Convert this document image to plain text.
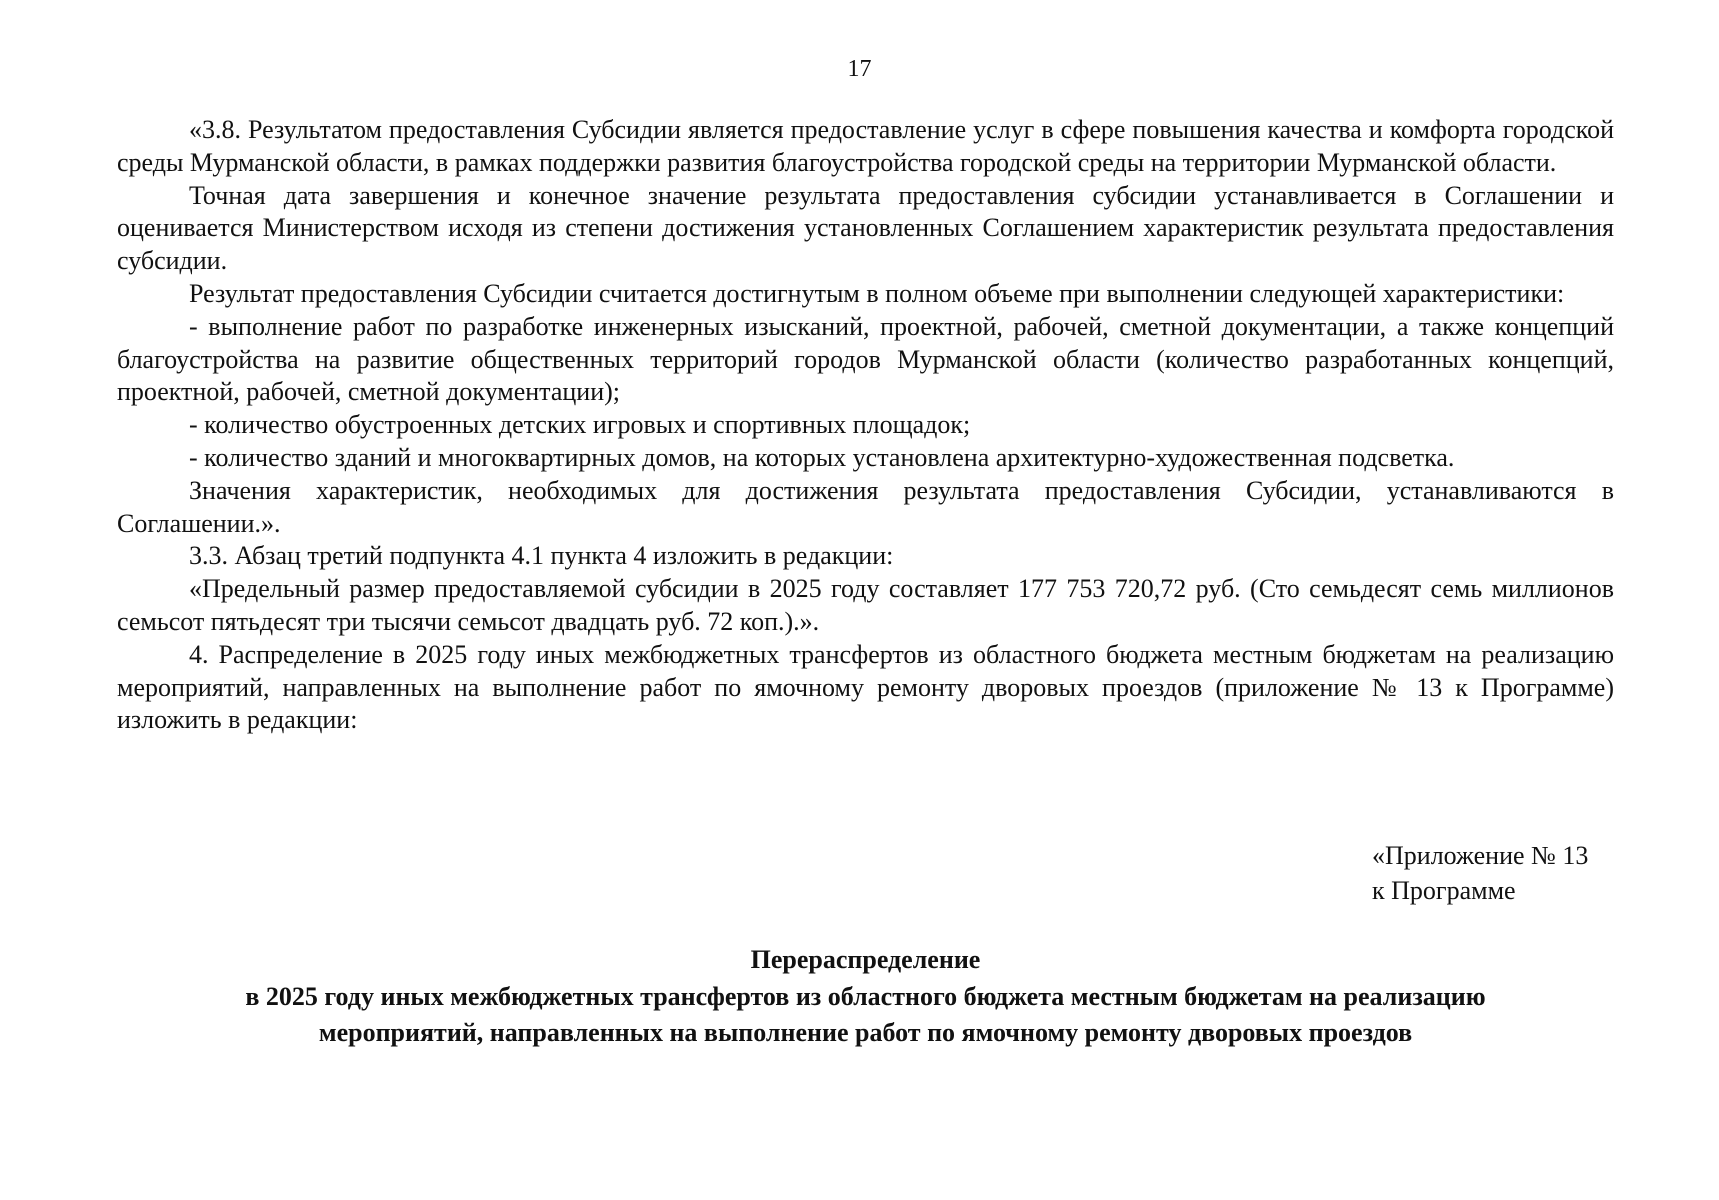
17

«3.8. Результатом предоставления Субсидии является предоставление услуг в сфере повышения качества и комфорта городской среды Мурманской области, в рамках поддержки развития благоустройства городской среды на территории Мурманской области.

Точная дата завершения и конечное значение результата предоставления субсидии устанавливается в Соглашении и оценивается Министерством исходя из степени достижения установленных Соглашением характеристик результата предоставления субсидии.

Результат предоставления Субсидии считается достигнутым в полном объеме при выполнении следующей характеристики:

- выполнение работ по разработке инженерных изысканий, проектной, рабочей, сметной документации, а также концепций благоустройства на развитие общественных территорий городов Мурманской области (количество разработанных концепций, проектной, рабочей, сметной документации);

- количество обустроенных детских игровых и спортивных площадок;

- количество зданий и многоквартирных домов, на которых установлена архитектурно-художественная подсветка.

Значения характеристик, необходимых для достижения результата предоставления Субсидии, устанавливаются в Соглашении.».

3.3. Абзац третий подпункта 4.1 пункта 4 изложить в редакции:

«Предельный размер предоставляемой субсидии в 2025 году составляет 177 753 720,72 руб. (Сто семьдесят семь миллионов семьсот пятьдесят три тысячи семьсот двадцать руб. 72 коп.).».

4. Распределение в 2025 году иных межбюджетных трансфертов из областного бюджета местным бюджетам на реализацию мероприятий, направленных на выполнение работ по ямочному ремонту дворовых проездов (приложение № 13 к Программе) изложить в редакции:

«Приложение № 13
к Программе
Перераспределение
в 2025 году иных межбюджетных трансфертов из областного бюджета местным бюджетам на реализацию
мероприятий, направленных на выполнение работ по ямочному ремонту дворовых проездов
